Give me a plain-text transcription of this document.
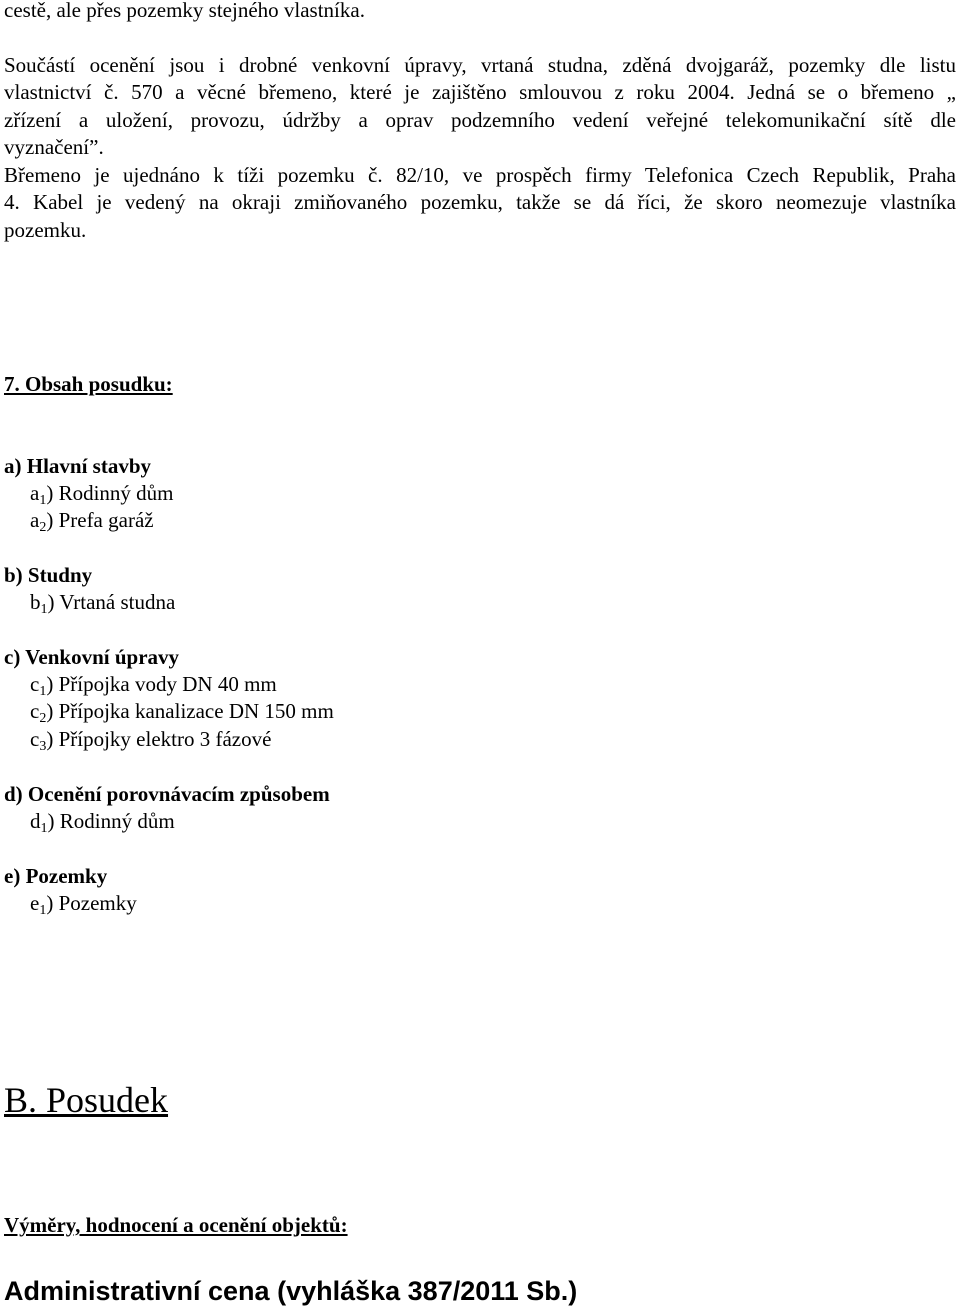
cestě, ale přes pozemky stejného vlastníka.
Součástí ocenění jsou i drobné venkovní úpravy, vrtaná studna, zděná dvojgaráž, pozemky dle listu
vlastnictví č. 570 a věcné břemeno, které je zajištěno smlouvou z roku 2004. Jedná se o břemeno „
zřízení a uložení, provozu, údržby a oprav podzemního vedení veřejné telekomunikační sítě dle
vyznačení”.
Břemeno je ujednáno k tíži pozemku č. 82/10, ve prospěch firmy Telefonica Czech Republik, Praha
4. Kabel je vedený na okraji zmiňovaného pozemku, takže se dá říci, že skoro neomezuje vlastníka
pozemku.
7. Obsah posudku:
a) Hlavní stavby
$a_1$) Rodinný dům
$a_2$) Prefa garáž
b) Studny
$b_1$) Vrtaná studna
c) Venkovní úpravy
$c_1$) Přípojka vody DN 40 mm
$c_2$) Přípojka kanalizace DN 150 mm
$c_3$) Přípojky elektro 3 fázové
d) Ocenění porovnávacím způsobem
$d_1$) Rodinný dům
e) Pozemky
$e_1$) Pozemky
B. Posudek
Výměry, hodnocení a ocenění objektů:
Administrativní cena (vyhláška 387/2011 Sb.)
